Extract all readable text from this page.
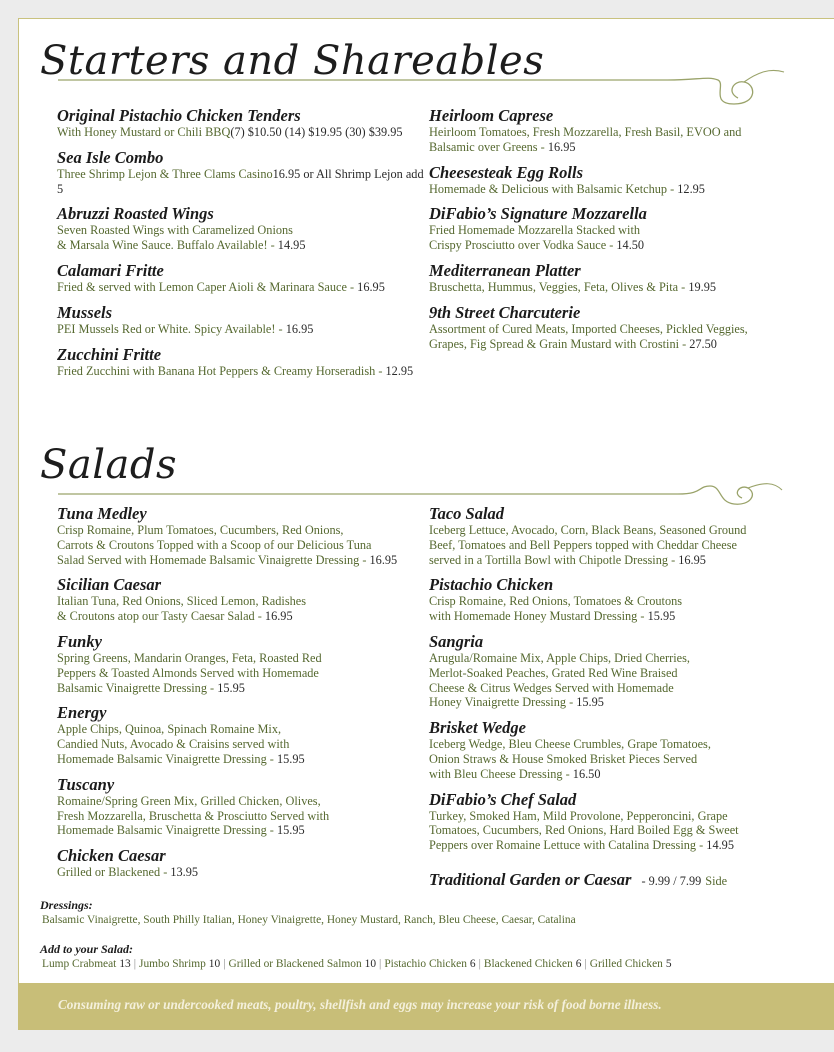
Starters and Shareables
Original Pistachio Chicken Tenders
With Honey Mustard or Chili BBQ(7) $10.50 (14) $19.95 (30) $39.95
Sea Isle Combo
Three Shrimp Lejon & Three Clams Casino16.95 or All Shrimp Lejon add 5
Abruzzi Roasted Wings
Seven Roasted Wings with Caramelized Onions
& Marsala Wine Sauce. Buffalo Available! - 14.95
Calamari Fritte
Fried & served with Lemon Caper Aioli & Marinara Sauce - 16.95
Mussels
PEI Mussels Red or White. Spicy Available! - 16.95
Zucchini Fritte
Fried Zucchini with Banana Hot Peppers & Creamy Horseradish - 12.95
Heirloom Caprese
Heirloom Tomatoes, Fresh Mozzarella, Fresh Basil, EVOO and
Balsamic over Greens - 16.95
Cheesesteak Egg Rolls
Homemade & Delicious with Balsamic Ketchup - 12.95
DiFabio’s Signature Mozzarella
Fried Homemade Mozzarella Stacked with
Crispy Prosciutto over Vodka Sauce - 14.50
Mediterranean Platter
Bruschetta, Hummus, Veggies, Feta, Olives & Pita - 19.95
9th Street Charcuterie
Assortment of Cured Meats, Imported Cheeses, Pickled Veggies,
Grapes, Fig Spread & Grain Mustard with Crostini - 27.50
Salads
Tuna Medley
Crisp Romaine, Plum Tomatoes, Cucumbers, Red Onions,
Carrots & Croutons Topped with a Scoop of our Delicious Tuna
Salad Served with Homemade Balsamic Vinaigrette Dressing - 16.95
Sicilian Caesar
Italian Tuna, Red Onions, Sliced Lemon, Radishes
& Croutons atop our Tasty Caesar Salad - 16.95
Funky
Spring Greens, Mandarin Oranges, Feta, Roasted Red
Peppers & Toasted Almonds Served with Homemade
Balsamic Vinaigrette Dressing - 15.95
Energy
Apple Chips, Quinoa, Spinach Romaine Mix,
Candied Nuts, Avocado & Craisins served with
Homemade Balsamic Vinaigrette Dressing - 15.95
Tuscany
Romaine/Spring Green Mix, Grilled Chicken, Olives,
Fresh Mozzarella, Bruschetta & Prosciutto Served with
Homemade Balsamic Vinaigrette Dressing - 15.95
Chicken Caesar
Grilled or Blackened - 13.95
Taco Salad
Iceberg Lettuce, Avocado, Corn, Black Beans, Seasoned Ground
Beef, Tomatoes and Bell Peppers topped with Cheddar Cheese
served in a Tortilla Bowl with Chipotle Dressing - 16.95
Pistachio Chicken
Crisp Romaine, Red Onions, Tomatoes & Croutons
with Homemade Honey Mustard Dressing - 15.95
Sangria
Arugula/Romaine Mix, Apple Chips, Dried Cherries,
Merlot-Soaked Peaches, Grated Red Wine Braised
Cheese & Citrus Wedges Served with Homemade
Honey Vinaigrette Dressing - 15.95
Brisket Wedge
Iceberg Wedge, Bleu Cheese Crumbles, Grape Tomatoes,
Onion Straws & House Smoked Brisket Pieces Served
with Bleu Cheese Dressing - 16.50
DiFabio’s Chef Salad
Turkey, Smoked Ham, Mild Provolone, Pepperoncini, Grape
Tomatoes, Cucumbers, Red Onions, Hard Boiled Egg & Sweet
Peppers over Romaine Lettuce with Catalina Dressing - 14.95
Traditional Garden or Caesar - 9.99 / 7.99 Side
Dressings:
Balsamic Vinaigrette, South Philly Italian, Honey Vinaigrette, Honey Mustard, Ranch, Bleu Cheese, Caesar, Catalina
Add to your Salad:
Lump Crabmeat 13 | Jumbo Shrimp 10 | Grilled or Blackened Salmon 10 | Pistachio Chicken 6 | Blackened Chicken 6 | Grilled Chicken 5
Consuming raw or undercooked meats, poultry, shellfish and eggs may increase your risk of food borne illness.
